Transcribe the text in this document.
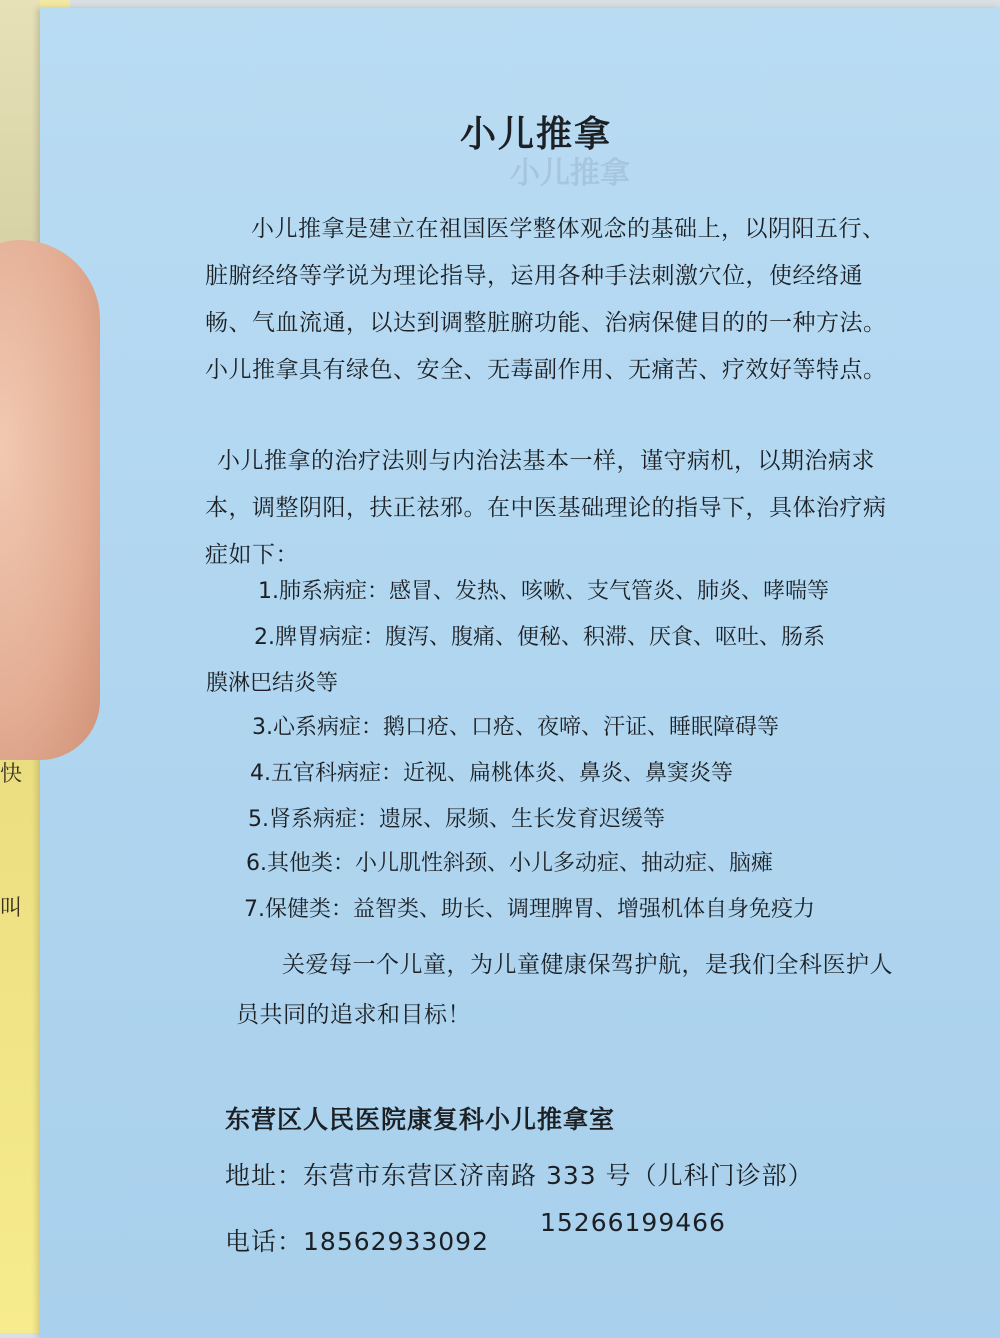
快
叫
小儿推拿
小儿推拿
小儿推拿是建立在祖国医学整体观念的基础上，以阴阳五行、脏腑经络等学说为理论指导，运用各种手法刺激穴位，使经络通畅、气血流通，以达到调整脏腑功能、治病保健目的的一种方法。小儿推拿具有绿色、安全、无毒副作用、无痛苦、疗效好等特点。
小儿推拿的治疗法则与内治法基本一样，谨守病机，以期治病求本，调整阴阳，扶正祛邪。在中医基础理论的指导下，具体治疗病症如下：
1.肺系病症：感冒、发热、咳嗽、支气管炎、肺炎、哮喘等
2.脾胃病症：腹泻、腹痛、便秘、积滞、厌食、呕吐、肠系
膜淋巴结炎等
3.心系病症：鹅口疮、口疮、夜啼、汗证、睡眠障碍等
4.五官科病症：近视、扁桃体炎、鼻炎、鼻窦炎等
5.肾系病症：遗尿、尿频、生长发育迟缓等
6.其他类：小儿肌性斜颈、小儿多动症、抽动症、脑瘫
7.保健类：益智类、助长、调理脾胃、增强机体自身免疫力
关爱每一个儿童，为儿童健康保驾护航，是我们全科医护人员共同的追求和目标！
东营区人民医院康复科小儿推拿室
地址：东营市东营区济南路 333 号（儿科门诊部）
电话：18562933092
15266199466
